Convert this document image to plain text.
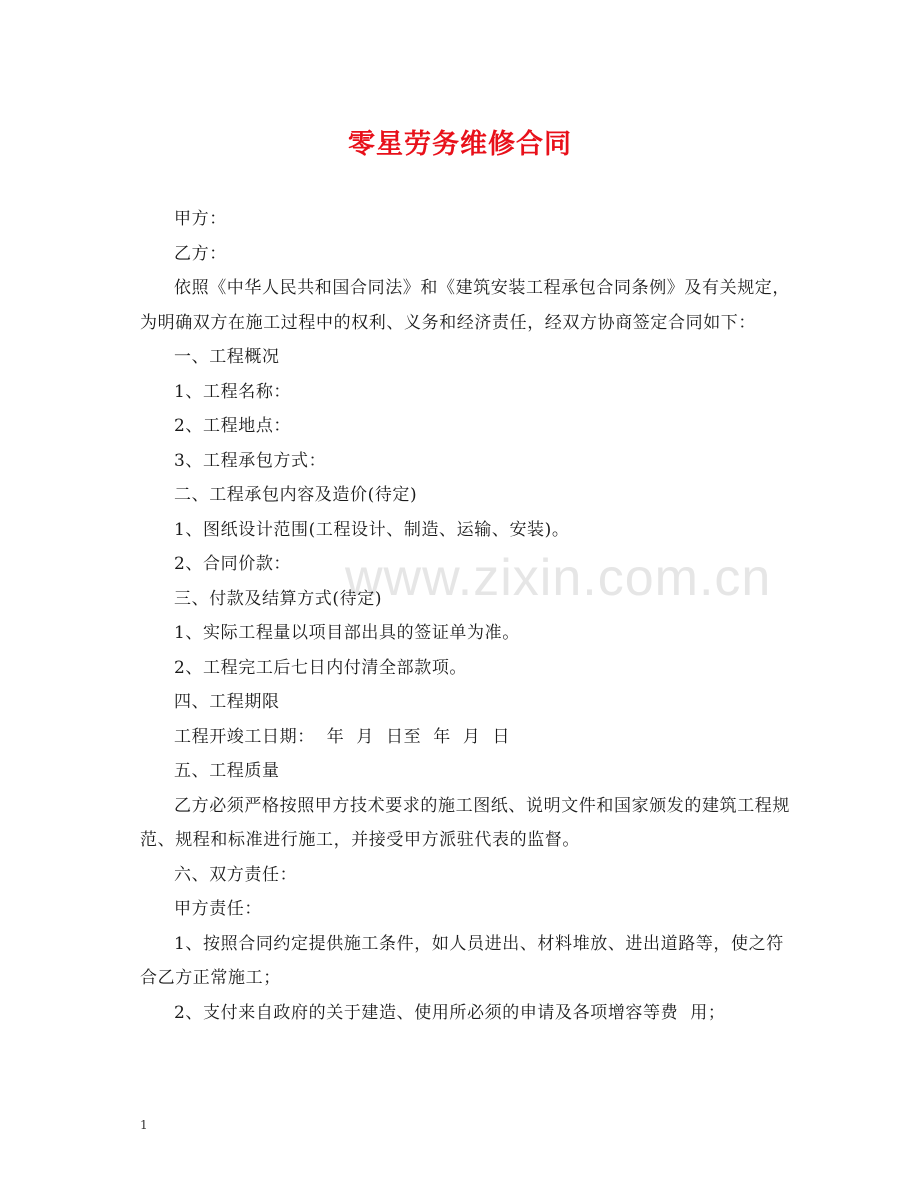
零星劳务维修合同
www.zixin.com.cn

甲方：

乙方：

依照《中华人民共和国合同法》和《建筑安装工程承包合同条例》及有关规定，为明确双方在施工过程中的权利、义务和经济责任，经双方协商签定合同如下：

一、工程概况

1、工程名称：

2、工程地点：

3、工程承包方式：

二、工程承包内容及造价(待定)

1、图纸设计范围(工程设计、制造、运输、安装)。

2、合同价款：

三、付款及结算方式(待定)

1、实际工程量以项目部出具的签证单为准。

2、工程完工后七日内付清全部款项。

四、工程期限

工程开竣工日期：  年  月  日至  年  月  日

五、工程质量

乙方必须严格按照甲方技术要求的施工图纸、说明文件和国家颁发的建筑工程规范、规程和标准进行施工，并接受甲方派驻代表的监督。

六、双方责任：

甲方责任：

1、按照合同约定提供施工条件，如人员进出、材料堆放、进出道路等，使之符合乙方正常施工；

2、支付来自政府的关于建造、使用所必须的申请及各项增容等费  用；

1
